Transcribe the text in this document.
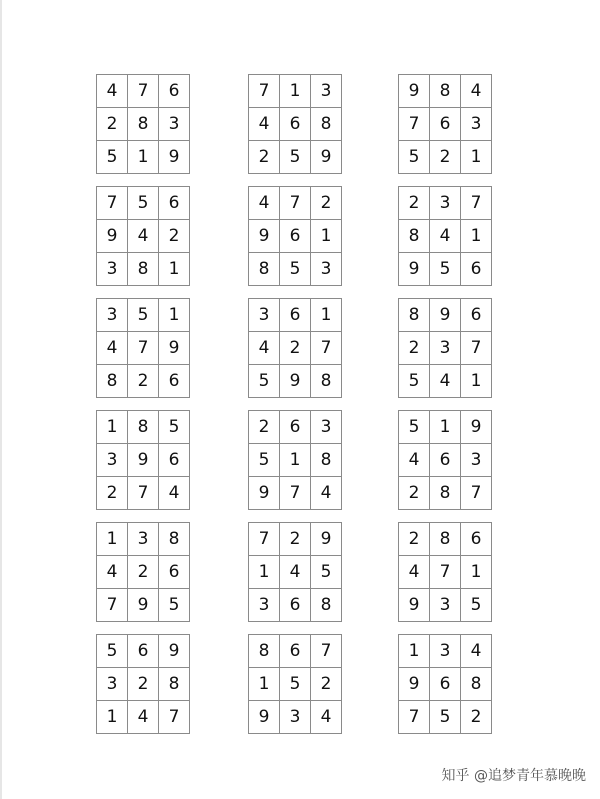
4	7	6
2	8	3
5	1	9
7	1	3
4	6	8
2	5	9
9	8	4
7	6	3
5	2	1
7	5	6
9	4	2
3	8	1
4	7	2
9	6	1
8	5	3
2	3	7
8	4	1
9	5	6
3	5	1
4	7	9
8	2	6
3	6	1
4	2	7
5	9	8
8	9	6
2	3	7
5	4	1
1	8	5
3	9	6
2	7	4
2	6	3
5	1	8
9	7	4
5	1	9
4	6	3
2	8	7
1	3	8
4	2	6
7	9	5
7	2	9
1	4	5
3	6	8
2	8	6
4	7	1
9	3	5
5	6	9
3	2	8
1	4	7
8	6	7
1	5	2
9	3	4
1	3	4
9	6	8
7	5	2
知乎 @追梦青年慕晚晚
